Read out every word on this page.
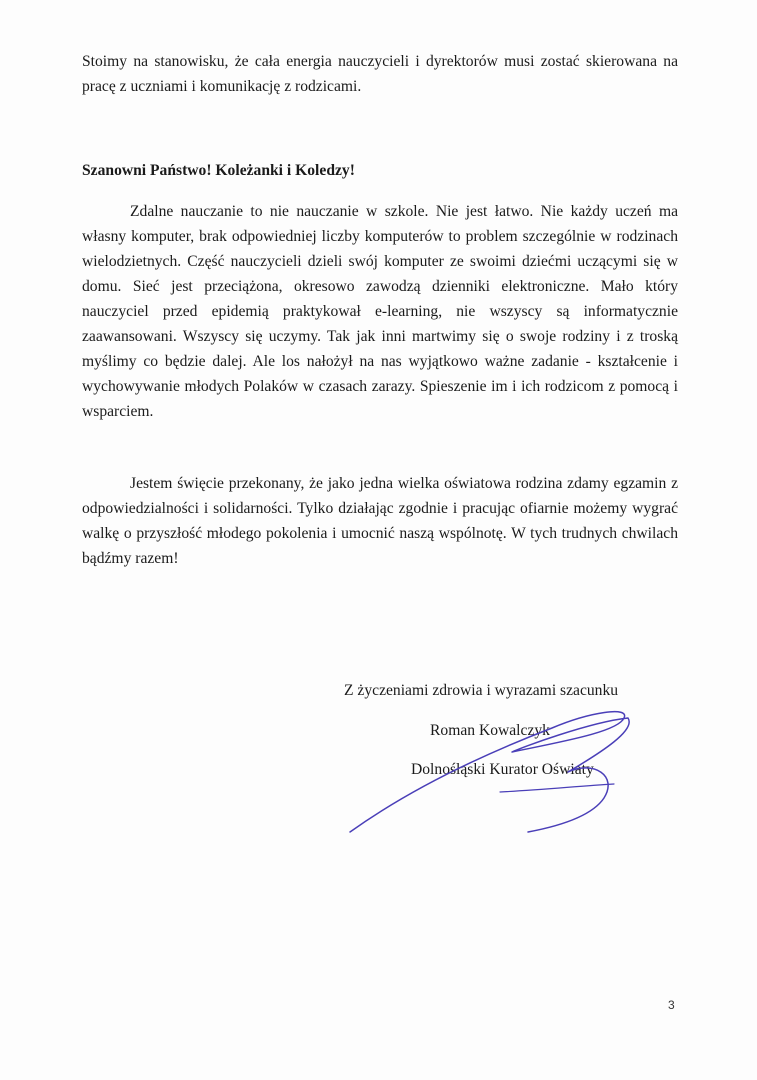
Stoimy na stanowisku, że cała energia nauczycieli i dyrektorów musi zostać skierowana na pracę z uczniami i komunikację z rodzicami.

Szanowni Państwo! Koleżanki i Koledzy!

Zdalne nauczanie to nie nauczanie w szkole. Nie jest łatwo. Nie każdy uczeń ma własny komputer, brak odpowiedniej liczby komputerów to problem szczególnie w rodzinach wielodzietnych. Część nauczycieli dzieli swój komputer ze swoimi dziećmi uczącymi się w domu. Sieć jest przeciążona, okresowo zawodzą dzienniki elektroniczne. Mało który nauczyciel przed epidemią praktykował e-learning, nie wszyscy są informatycznie zaawansowani. Wszyscy się uczymy. Tak jak inni martwimy się o swoje rodziny i z troską myślimy co będzie dalej. Ale los nałożył na nas wyjątkowo ważne zadanie - kształcenie i wychowywanie młodych Polaków w czasach zarazy. Spieszenie im i ich rodzicom z pomocą i wsparciem.

Jestem święcie przekonany, że jako jedna wielka oświatowa rodzina zdamy egzamin z odpowiedzialności i solidarności. Tylko działając zgodnie i pracując ofiarnie możemy wygrać walkę o przyszłość młodego pokolenia i umocnić naszą wspólnotę. W tych trudnych chwilach bądźmy razem!

Z życzeniami zdrowia i wyrazami szacunku
Roman Kowalczyk
Dolnośląski Kurator Oświaty
3
